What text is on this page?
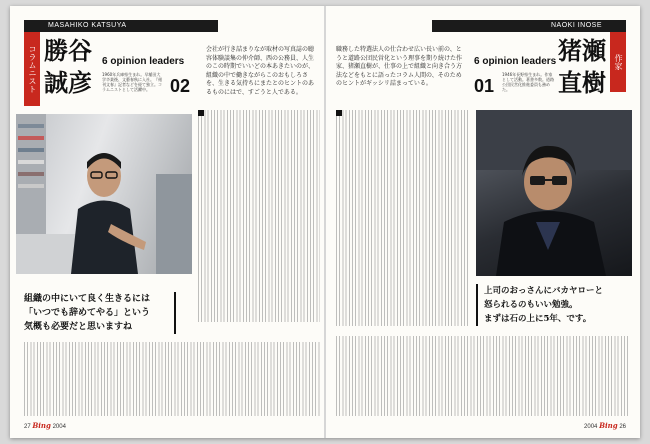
MASAHIKO KATSUYA
コラムニスト 勝谷
誠彦
6 opinion leaders
02
1960年兵庫県生まれ。早稲田大学卒業後、文藝春秋に入社。『週刊文春』記者などを経て独立。コラムニストとして活躍中。
会社が行き詰まりなが取材の写真誌の聴容体験談集の仲介師、西の公務員、人生のこの時期でいいどの本あきたいのが、組織の中で働きながらこのおもしろさを、生きる気持ちにまたとのヒントのあるものにはで、すごうと人である。
組織の中にいて良く生きるには
「いつでも辞めてやる」という
気概も必要だと思いますね
27 Bing 2004
NAOKI INOSE
作家
猪瀬
直樹
6 opinion leaders
01
1946年長野県生まれ。作家として活動。著書多数。道路公団民営化推進委員も務めた。
職務した特選法人の仕合わせ広い長い前の、とうと道路公団民営化という理事を期り続けた作家、猪瀬直樹が、仕事の上で組織と向き合う方法などをもとに語ったコラム人間の、そのためのヒントがギッシリ詰まっている。
上司のおっさんにバカヤローと
怒られるのもいい勉強。
まずは石の上に5年、です。
2004 Bing 26
